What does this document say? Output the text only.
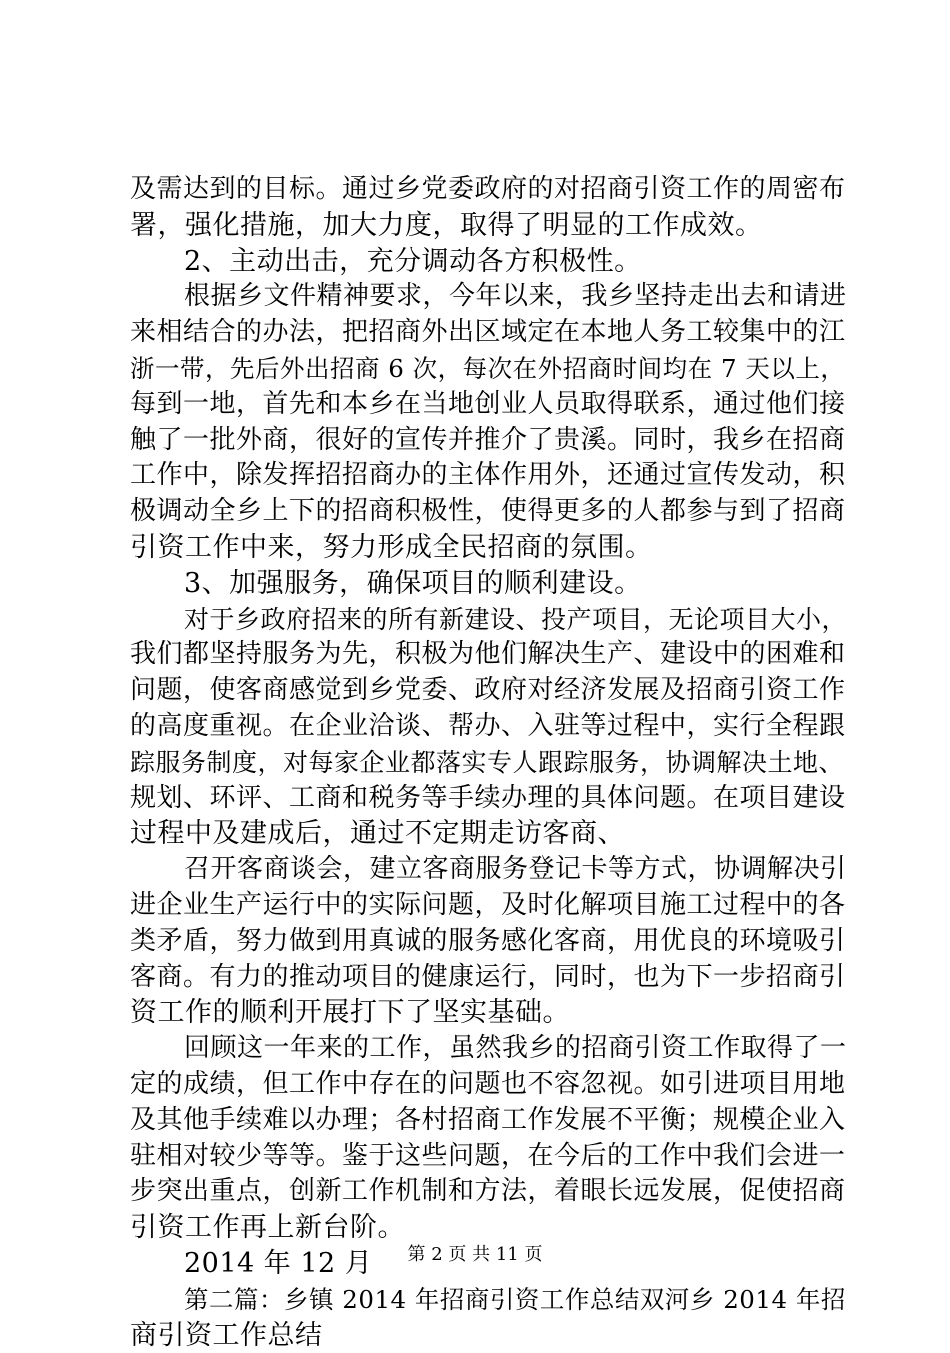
及需达到的目标。通过乡党委政府的对招商引资工作的周密布
署，强化措施，加大力度，取得了明显的工作成效。
2、主动出击，充分调动各方积极性。
根据乡文件精神要求，今年以来，我乡坚持走出去和请进
来相结合的办法，把招商外出区域定在本地人务工较集中的江
浙一带，先后外出招商 6 次，每次在外招商时间均在 7 天以上，
每到一地，首先和本乡在当地创业人员取得联系，通过他们接
触了一批外商，很好的宣传并推介了贵溪。同时，我乡在招商
工作中，除发挥招招商办的主体作用外，还通过宣传发动，积
极调动全乡上下的招商积极性，使得更多的人都参与到了招商
引资工作中来，努力形成全民招商的氛围。
3、加强服务，确保项目的顺利建设。
对于乡政府招来的所有新建设、投产项目，无论项目大小，
我们都坚持服务为先，积极为他们解决生产、建设中的困难和
问题，使客商感觉到乡党委、政府对经济发展及招商引资工作
的高度重视。在企业洽谈、帮办、入驻等过程中，实行全程跟
踪服务制度，对每家企业都落实专人跟踪服务，协调解决土地、
规划、环评、工商和税务等手续办理的具体问题。在项目建设
过程中及建成后，通过不定期走访客商、
召开客商谈会，建立客商服务登记卡等方式，协调解决引
进企业生产运行中的实际问题，及时化解项目施工过程中的各
类矛盾，努力做到用真诚的服务感化客商，用优良的环境吸引
客商。有力的推动项目的健康运行，同时，也为下一步招商引
资工作的顺利开展打下了坚实基础。
回顾这一年来的工作，虽然我乡的招商引资工作取得了一
定的成绩，但工作中存在的问题也不容忽视。如引进项目用地
及其他手续难以办理；各村招商工作发展不平衡；规模企业入
驻相对较少等等。鉴于这些问题，在今后的工作中我们会进一
步突出重点，创新工作机制和方法，着眼长远发展，促使招商
引资工作再上新台阶。
2014 年 12 月
第二篇：乡镇 2014 年招商引资工作总结双河乡 2014 年招
商引资工作总结
第 2 页 共 11 页
